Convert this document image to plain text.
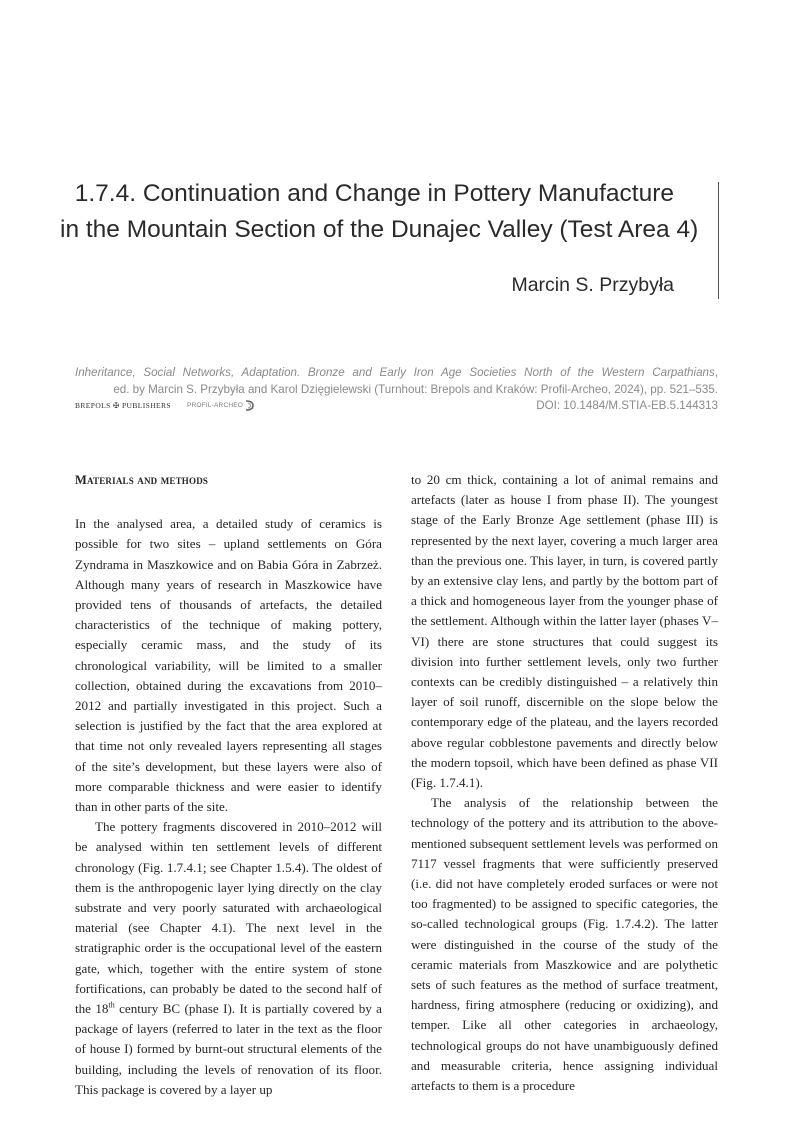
1.7.4. Continuation and Change in Pottery Manufacture
in the Mountain Section of the Dunajec Valley (Test Area 4)
Marcin S. Przybyła
Inheritance, Social Networks, Adaptation. Bronze and Early Iron Age Societies North of the Western Carpathians,
ed. by Marcin S. Przybyła and Karol Dzięgielewski (Turnhout: Brepols and Kraków: Profil-Archeo, 2024), pp. 521–535.
DOI: 10.1484/M.STIA-EB.5.144313
BREPOLS ✠ PUBLISHERS PROFIL-ARCHEO
Materials and methods

In the analysed area, a detailed study of ceramics is possible for two sites – upland settlements on Góra Zyndrama in Maszkowice and on Babia Góra in Zabrzeż. Although many years of research in Maszkowice have provided tens of thousands of artefacts, the detailed characteristics of the technique of making pottery, especially ceramic mass, and the study of its chronological variability, will be limited to a smaller collection, obtained during the excavations from 2010–2012 and partially investigated in this project. Such a selection is justified by the fact that the area explored at that time not only revealed layers representing all stages of the site’s development, but these layers were also of more comparable thickness and were easier to identify than in other parts of the site.

The pottery fragments discovered in 2010–2012 will be analysed within ten settlement levels of different chronology (Fig. 1.7.4.1; see Chapter 1.5.4). The oldest of them is the anthropogenic layer lying directly on the clay substrate and very poorly saturated with archaeological material (see Chapter 4.1). The next level in the stratigraphic order is the occupational level of the eastern gate, which, together with the entire system of stone fortifications, can probably be dated to the second half of the 18th century BC (phase I). It is partially covered by a package of layers (referred to later in the text as the floor of house I) formed by burnt-out structural elements of the building, including the levels of renovation of its floor. This package is covered by a layer up

to 20 cm thick, containing a lot of animal remains and artefacts (later as house I from phase II). The youngest stage of the Early Bronze Age settlement (phase III) is represented by the next layer, covering a much larger area than the previous one. This layer, in turn, is covered partly by an extensive clay lens, and partly by the bottom part of a thick and homogeneous layer from the younger phase of the settlement. Although within the latter layer (phases V–VI) there are stone structures that could suggest its division into further settlement levels, only two further contexts can be credibly distinguished – a relatively thin layer of soil runoff, discernible on the slope below the contemporary edge of the plateau, and the layers recorded above regular cobblestone pavements and directly below the modern topsoil, which have been defined as phase VII (Fig. 1.7.4.1).

The analysis of the relationship between the technology of the pottery and its attribution to the above-mentioned subsequent settlement levels was performed on 7117 vessel fragments that were sufficiently preserved (i.e. did not have completely eroded surfaces or were not too fragmented) to be assigned to specific categories, the so-called technological groups (Fig. 1.7.4.2). The latter were distinguished in the course of the study of the ceramic materials from Maszkowice and are polythetic sets of such features as the method of surface treatment, hardness, firing atmosphere (reducing or oxidizing), and temper. Like all other categories in archaeology, technological groups do not have unambiguously defined and measurable criteria, hence assigning individual artefacts to them is a procedure
